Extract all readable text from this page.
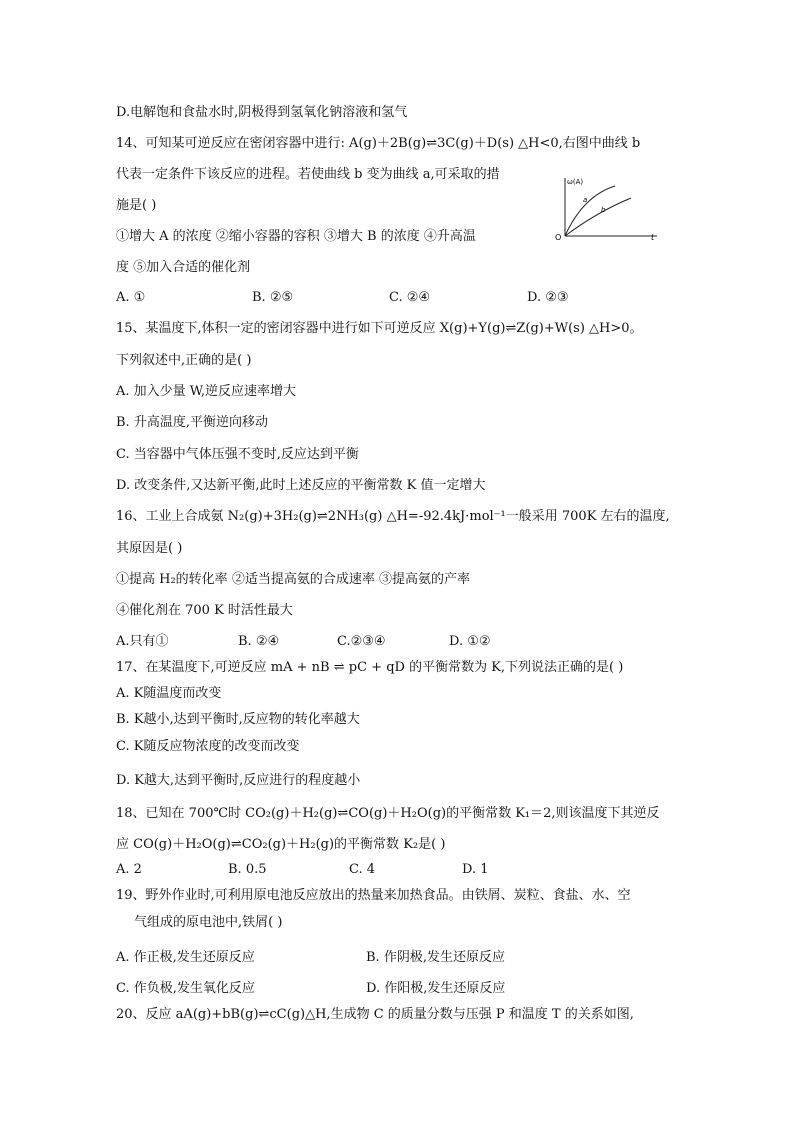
D.电解饱和食盐水时,阴极得到氢氧化钠溶液和氢气
14、可知某可逆反应在密闭容器中进行: A(g)＋2B(g)⇌3C(g)＋D(s) △H<0,右图中曲线 b
代表一定条件下该反应的进程。若使曲线 b 变为曲线 a,可采取的措
施是( )
ω(A)
O	t
a
b
①增大 A 的浓度 ②缩小容器的容积 ③增大 B 的浓度 ④升高温
度 ⑤加入合适的催化剂
A. ①	B. ②⑤	C. ②④	D. ②③
15、某温度下,体积一定的密闭容器中进行如下可逆反应 X(g)+Y(g)⇌Z(g)+W(s) △H>0。
下列叙述中,正确的是( )
A. 加入少量 W,逆反应速率增大
B. 升高温度,平衡逆向移动
C. 当容器中气体压强不变时,反应达到平衡
D. 改变条件,又达新平衡,此时上述反应的平衡常数 K 值一定增大
16、工业上合成氨 N₂(g)+3H₂(g)⇌2NH₃(g) △H=-92.4kJ·mol⁻¹一般采用 700K 左右的温度,
其原因是( )
①提高 H₂的转化率 ②适当提高氨的合成速率 ③提高氨的产率
④催化剂在 700 K 时活性最大
A.只有①	B. ②④	C.②③④	D. ①②
17、在某温度下,可逆反应 mA + nB ⇌ pC + qD 的平衡常数为 K,下列说法正确的是( )
A. K随温度而改变
B. K越小,达到平衡时,反应物的转化率越大
C. K随反应物浓度的改变而改变
D. K越大,达到平衡时,反应进行的程度越小
18、已知在 700℃时 CO₂(g)＋H₂(g)⇌CO(g)＋H₂O(g)的平衡常数 K₁＝2,则该温度下其逆反
应 CO(g)＋H₂O(g)⇌CO₂(g)＋H₂(g)的平衡常数 K₂是( )
A. 2	B. 0.5	C. 4	D. 1
19、野外作业时,可利用原电池反应放出的热量来加热食品。由铁屑、炭粒、食盐、水、空
气组成的原电池中,铁屑( )
A. 作正极,发生还原反应	B. 作阴极,发生还原反应
C. 作负极,发生氧化反应	D. 作阳极,发生还原反应
20、反应 aA(g)+bB(g)⇌cC(g)△H,生成物 C 的质量分数与压强 P 和温度 T 的关系如图,
